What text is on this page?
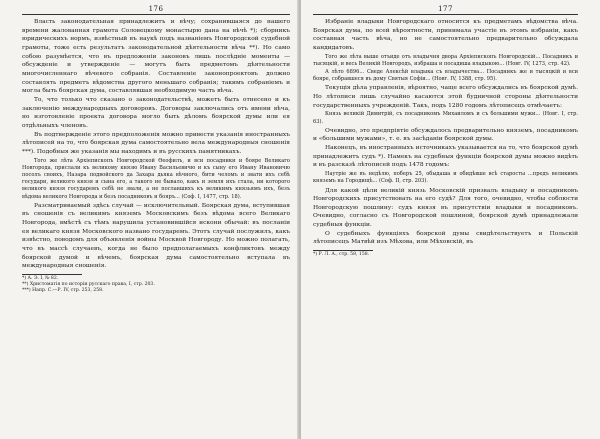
176

Власть законодательная принадлежитъ и вѣчу; сохранившаяся до нашего времени жалованная грамота Соловецкому монастырю дана на вѣчѣ *); сборникъ юридическихъ нормъ, извѣстный въ наукѣ подъ названіемъ Новгородской судебной грамоты, тоже есть результатъ законодательной дѣятельности вѣча **). Но само собою разумѣется, что въ предложеніи законовъ лишь послѣдніе моменты — обсужденіе и утвержденіе — могутъ быть предметомъ дѣятельности многочисленнаго вѣчевого собранія. Составленіе законопроектовъ должно составлять предметъ вѣдомства другого меньшаго собранія; такимъ собраніемъ и могла быть боярская дума, составлявшая необходимую часть вѣча.

То, что только что сказано о законодательствѣ, можетъ быть отнесено и къ заключенію международныхъ договоровъ. Договоры заключались отъ имени вѣча, но изготовленіе проекта договора могло быть дѣломъ боярской думы или ея отдѣльныхъ членовъ.

Въ подтвержденіе этого предположенія можно привести указанія иностранныхъ лѣтописей на то, что боярская дума самостоятельно вела международныя сношенія ***). Подобныя же указанія мы находимъ и въ русскихъ памятникахъ.

Того же лѣта Архіепископъ Новгородской Ѳеофилъ, и вси посадники и бояре Великаго Новгорода, прислали къ великому князю Ивану Васильевичю и къ сыну его Ивану Ивановичю посолъ своихъ, Назара подвойского да Захара дьяка вѣчного, бити челомъ и звати ихъ себѣ государи, великого князя и сына его, а такого не бывало, какъ и земля ихъ стала, ни которого великого князя государемъ себѣ не звали, а не пославшихъ къ великимъ князьямъ ихъ, безъ вѣдома великого Новгорода и безъ посадниковъ и бояръ... (Соф. I, 1477, стр. 18).

Разсматриваемый здѣсь случай — исключительный. Боярская дума, вступившая въ сношенія съ великимъ княземъ Московскимъ безъ вѣдома всего Великаго Новгорода, вмѣстѣ съ тѣмъ нарушила установившійся искони обычай: въ посланіи ея великаго князя Московского названо государемъ. Этотъ случай послужилъ, какъ извѣстно, поводомъ для объявленія войны Москвой Новгороду. Но можно полагать, что въ массѣ случаевъ, когда не было предполагаемыхъ конфликтовъ между боярской думой и вѣчемъ, боярская дума самостоятельно вступала въ международныя сношенія.

*) А. Э. I, № 82.

**) Христоматія по исторіи русскаго права, I, стр. 203.

***) Напр. С.—Р. IV, стр. 253, 258.

177

Избраніе владыки Новгородскаго относится къ предметамъ вѣдомства вѣча. Боярская дума, по всей вѣроятности, принимала участіе въ этомъ избраніи, какъ составная часть вѣча, но не самостоятельно предварительно обсуждала кандидатовъ.

Того же лѣта выше отъиде отъ владычня двора Архіепископъ Новгородскій... Посадникъ и тысяцкій, и весь Великій Новгородъ, избраша и посадиша владыкою... (Новг. IV, 1273, стр. 42).

А лѣто 6896... Сведе Алексѣй владыка съ владычества... Посадникъ же и тысяцкій и вси бояре, собравшеся въ дому Святыя Софіи... (Новг. IV, 1388, стр. 95).

Текущія дѣла управленія, вѣроятно, чаще всего обсуждались въ боярской думѣ. Но лѣтописи лишь случайно касаются этой будничной стороны дѣятельности государственныхъ учрежденій. Такъ, подъ 1280 годомъ лѣтописецъ отмѣчаетъ:

Князь великій Димитрій, съ посадникомъ Михаиломъ и съ большими мужи... (Новг. I, стр. 63).

Очевидно, это предпріятіе обсуждалось предварительно княземъ, посадникомъ и «большими мужами», т. е. въ засѣданіи боярской думы.

Наконецъ, въ иностранныхъ источникахъ указывается на то, что боярской думѣ принадлежитъ судъ *). Намекъ на судебныя функціи боярской думы можно видѣть и въ разсказѣ лѣтописей подъ 1478 годомъ:

Наутріе же въ недѣлю, поберъ 25, обыдаша и обидѣвше всѣ старосты ...предъ великимъ княземъ на Городищѣ... (Соф. II, стр. 203).

Для какой цѣли великій князь Московскій призвалъ владыку и посадниковъ Новгородскихъ присутствовать на его судѣ? Для того, очевидно, чтобы соблюсти Новгородскую пошлину: судъ князя въ присутствіи владыки и посадниковъ. Очевидно, согласно съ Новгородской пошлиной, боярской думѣ принадлежали судебныя функціи.

О судебныхъ функціяхъ боярской думы свидѣтельствуетъ и Польскій лѣтописецъ Матвѣй изъ Мѣхова, или Мѣховскій, въ

*) Р. Л. А., стр. 58, 158.
